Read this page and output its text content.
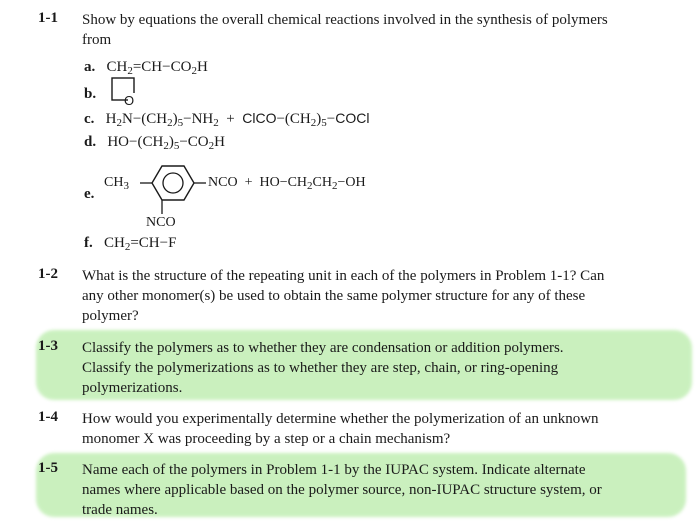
1-1 Show by equations the overall chemical reactions involved in the synthesis of polymers
from
a.   $CH_2=CH-CO_2H$
b. O
c.   $H_2N-(CH_2)_5-NH_2$  +  $ClCO-(CH_2)_5-COCl$
d.   $HO-(CH_2)_5-CO_2H$
e.
$CH_3$	NCO +  $HO-CH_2CH_2-OH$
NCO
f.   $CH_2=CH-F$
1-2 What is the structure of the repeating unit in each of the polymers in Problem 1-1? Can
any other monomer(s) be used to obtain the same polymer structure for any of these
polymer?
1-3 Classify the polymers as to whether they are condensation or addition polymers.
Classify the polymerizations as to whether they are step, chain, or ring-opening
polymerizations.
1-4 How would you experimentally determine whether the polymerization of an unknown
monomer X was proceeding by a step or a chain mechanism?
1-5 Name each of the polymers in Problem 1-1 by the IUPAC system. Indicate alternate
names where applicable based on the polymer source, non-IUPAC structure system, or
trade names.
